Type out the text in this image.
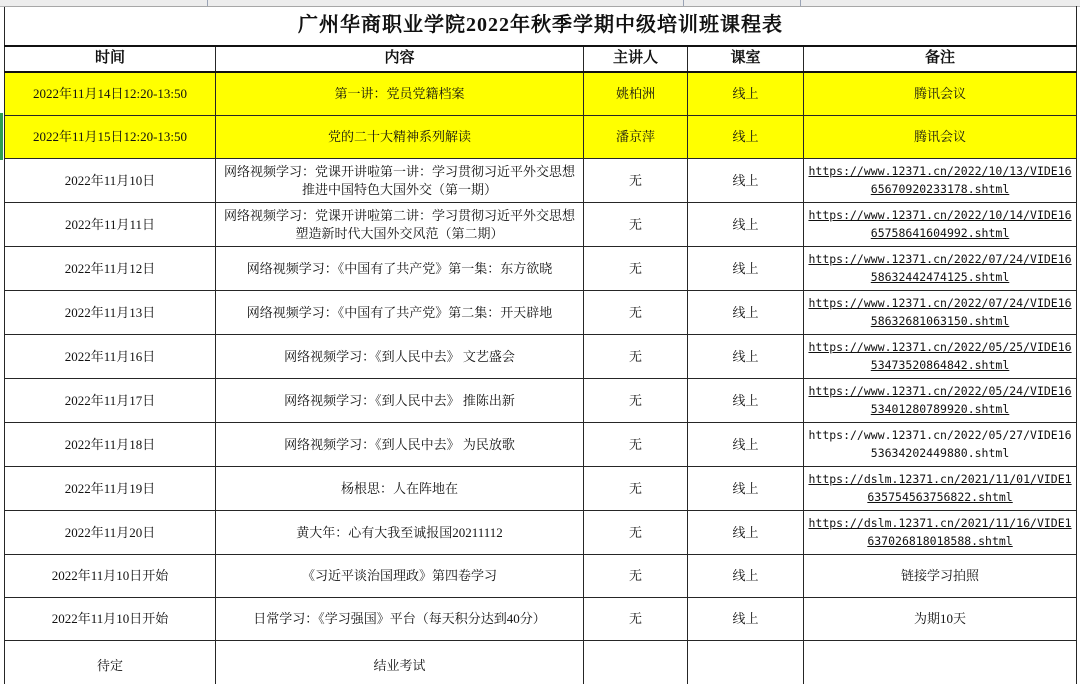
广州华商职业学院2022年秋季学期中级培训班课程表				
时间	内容	主讲人	课室	备注
2022年11月14日12:20-13:50	第一讲：党员党籍档案	姚柏洲	线上	腾讯会议
2022年11月15日12:20-13:50	党的二十大精神系列解读	潘京萍	线上	腾讯会议
2022年11月10日	网络视频学习：党课开讲啦第一讲：学习贯彻习近平外交思想推进中国特色大国外交（第一期）	无	线上	https://www.12371.cn/2022/10/13/VIDE1665670920233178.shtml
2022年11月11日	网络视频学习：党课开讲啦第二讲：学习贯彻习近平外交思想塑造新时代大国外交风范（第二期）	无	线上	https://www.12371.cn/2022/10/14/VIDE1665758641604992.shtml
2022年11月12日	网络视频学习：《中国有了共产党》第一集：东方欲晓	无	线上	https://www.12371.cn/2022/07/24/VIDE1658632442474125.shtml
2022年11月13日	网络视频学习：《中国有了共产党》第二集：开天辟地	无	线上	https://www.12371.cn/2022/07/24/VIDE1658632681063150.shtml
2022年11月16日	网络视频学习：《到人民中去》 文艺盛会	无	线上	https://www.12371.cn/2022/05/25/VIDE1653473520864842.shtml
2022年11月17日	网络视频学习：《到人民中去》 推陈出新	无	线上	https://www.12371.cn/2022/05/24/VIDE1653401280789920.shtml
2022年11月18日	网络视频学习：《到人民中去》 为民放歌	无	线上	https://www.12371.cn/2022/05/27/VIDE1653634202449880.shtml
2022年11月19日	杨根思：人在阵地在	无	线上	https://dslm.12371.cn/2021/11/01/VIDE1635754563756822.shtml
2022年11月20日	黄大年：心有大我至诚报国20211112	无	线上	https://dslm.12371.cn/2021/11/16/VIDE1637026818018588.shtml
2022年11月10日开始	《习近平谈治国理政》第四卷学习	无	线上	链接学习拍照
2022年11月10日开始	日常学习：《学习强国》平台（每天积分达到40分）	无	线上	为期10天
待定	结业考试			
